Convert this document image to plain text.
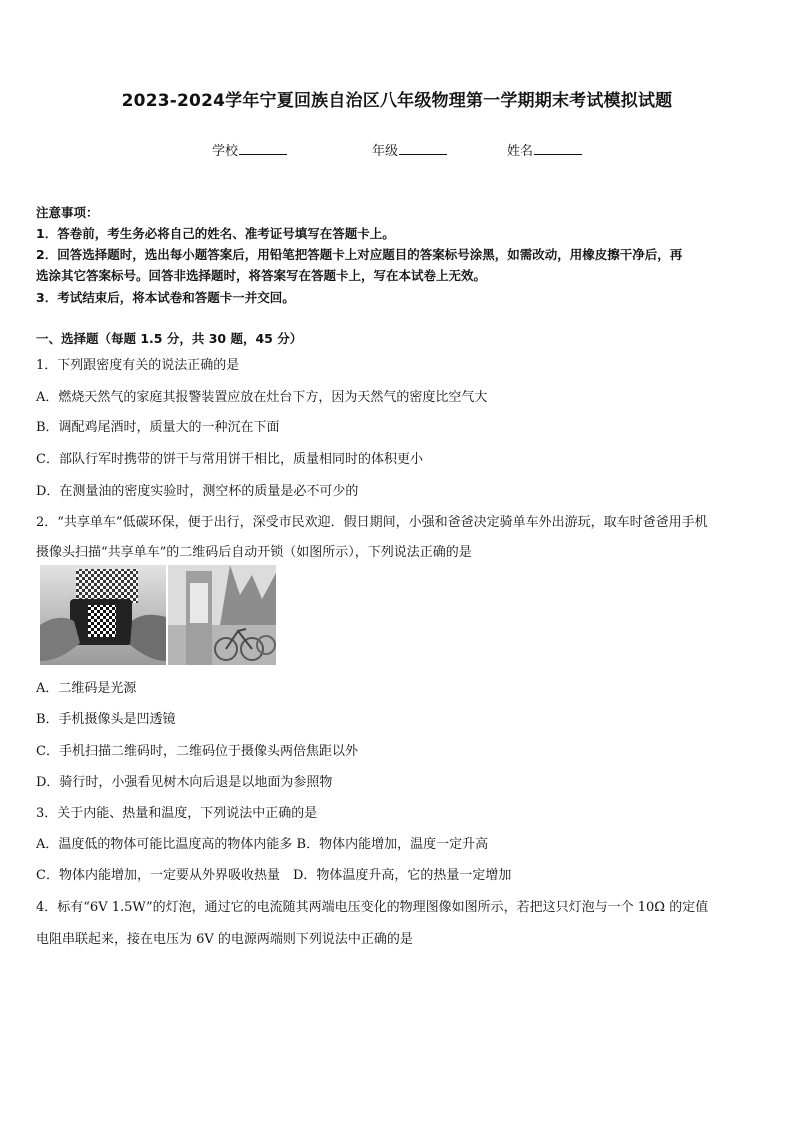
2023-2024学年宁夏回族自治区八年级物理第一学期期末考试模拟试题
学校	年级	姓名
注意事项：
1．答卷前，考生务必将自己的姓名、准考证号填写在答题卡上。
2．回答选择题时，选出每小题答案后，用铅笔把答题卡上对应题目的答案标号涂黑，如需改动，用橡皮擦干净后，再
选涂其它答案标号。回答非选择题时，将答案写在答题卡上，写在本试卷上无效。
3．考试结束后，将本试卷和答题卡一并交回。
一、选择题（每题 1.5 分，共 30 题，45 分）
1．下列跟密度有关的说法正确的是
A．燃烧天然气的家庭其报警装置应放在灶台下方，因为天然气的密度比空气大
B．调配鸡尾酒时，质量大的一种沉在下面
C．部队行军时携带的饼干与常用饼干相比，质量相同时的体积更小
D．在测量油的密度实验时，测空杯的质量是必不可少的
2．“共享单车”低碳环保，便于出行，深受市民欢迎．假日期间，小强和爸爸决定骑单车外出游玩，取车时爸爸用手机
摄像头扫描“共享单车”的二维码后自动开锁（如图所示），下列说法正确的是
A．二维码是光源
B．手机摄像头是凹透镜
C．手机扫描二维码时，二维码位于摄像头两倍焦距以外
D．骑行时，小强看见树木向后退是以地面为参照物
3．关于内能、热量和温度，下列说法中正确的是
A．温度低的物体可能比温度高的物体内能多 B．物体内能增加，温度一定升高
C．物体内能增加，一定要从外界吸收热量　D．物体温度升高，它的热量一定增加
4．标有“6V 1.5W”的灯泡，通过它的电流随其两端电压变化的物理图像如图所示，若把这只灯泡与一个 10Ω 的定值
电阻串联起来，接在电压为 6V 的电源两端则下列说法中正确的是
